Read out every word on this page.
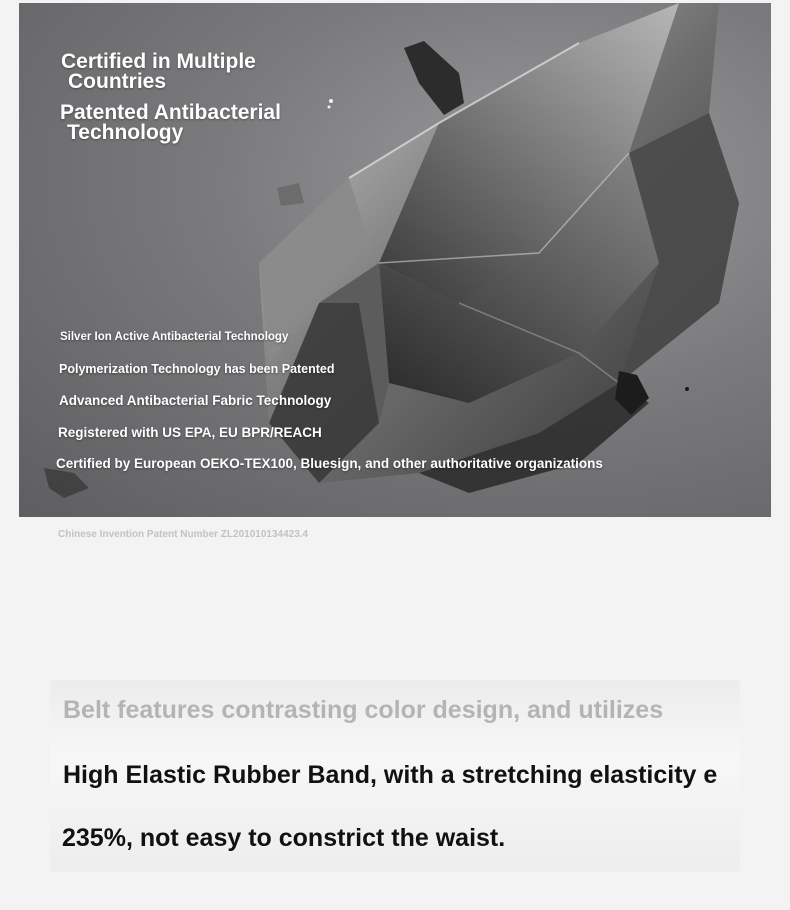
Certified in Multiple
Countries

Patented Antibacterial
Technology

Silver Ion Active Antibacterial Technology

Polymerization Technology has been Patented

Advanced Antibacterial Fabric Technology

Registered with US EPA, EU BPR/REACH

Certified by European OEKO-TEX100, Bluesign, and other authoritative organizations

Chinese Invention Patent Number ZL201010134423.4

Belt features contrasting color design, and utilizes

High Elastic Rubber Band, with a stretching elasticity e

235%, not easy to constrict the waist.
